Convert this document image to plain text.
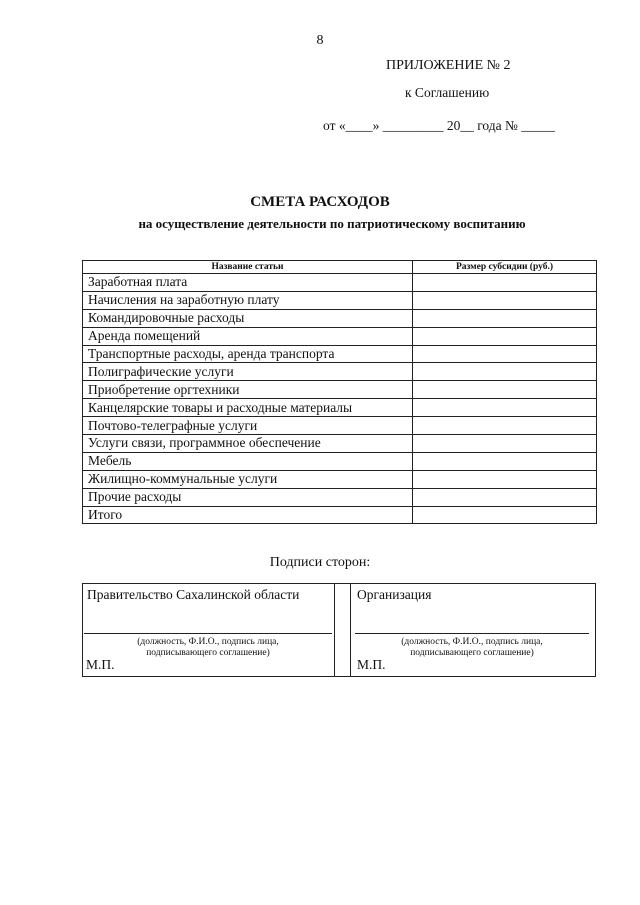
8
ПРИЛОЖЕНИЕ № 2
к Соглашению
от «____» _________ 20__ года № _____
СМЕТА РАСХОДОВ
на осуществление деятельности по патриотическому воспитанию
Название статьи	Размер субсидии (руб.)
Заработная плата	
Начисления на заработную плату	
Командировочные расходы	
Аренда помещений	
Транспортные расходы, аренда транспорта	
Полиграфические услуги	
Приобретение оргтехники	
Канцелярские товары и расходные материалы	
Почтово-телеграфные услуги	
Услуги связи, программное обеспечение	
Мебель	
Жилищно-коммунальные услуги	
Прочие расходы	
Итого	
Подписи сторон:
Правительство Сахалинской области	Организация
(должность, Ф.И.О., подпись лица,
подписывающего соглашение)
(должность, Ф.И.О., подпись лица,
подписывающего соглашение)
М.П.	М.П.
